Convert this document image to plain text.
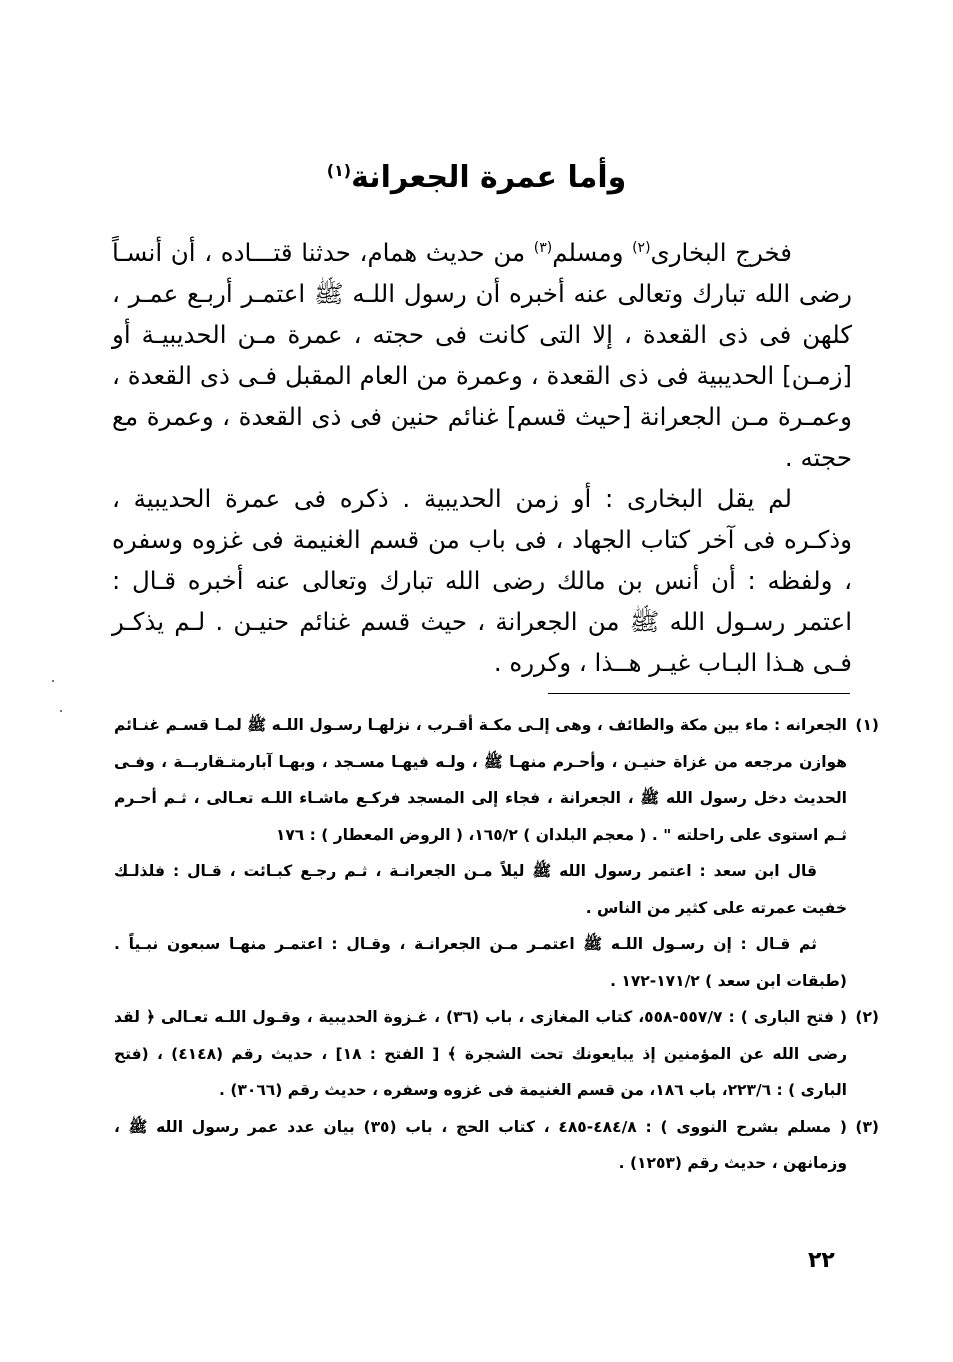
وأما عمرة الجعرانة$^{(١)}$

فخرج البخارى$^{(٢)}$ ومسلم$^{(٣)}$ من حديث همام، حدثنا قتـــاده ، أن أنسـاً رضى الله تبارك وتعالى عنه أخبره أن رسول اللـه ﷺ اعتمـر أربـع عمـر ، كلهن فى ذى القعدة ، إلا التى كانت فى حجته ، عمرة مـن الحديبيـة أو [زمـن] الحديبية فى ذى القعدة ، وعمرة من العام المقبل فـى ذى القعدة ، وعمـرة مـن الجعرانة [حيث قسم] غنائم حنين فى ذى القعدة ، وعمرة مع حجته .

لم يقل البخارى : أو زمن الحديبية . ذكره فى عمرة الحديبية ، وذكـره فى آخر كتاب الجهاد ، فى باب من قسم الغنيمة فى غزوه وسفره ، ولفظه : أن أنس بن مالك رضى الله تبارك وتعالى عنه أخبره قـال : اعتمر رسـول الله ﷺ من الجعرانة ، حيث قسم غنائم حنيـن . لـم يذكـر فـى هـذا البـاب غيـر هــذا ، وكرره .

(١)
الجعرانه : ماء بين مكة والطائف ، وهى إلـى مكـة أقـرب ، نزلهـا رسـول اللـه ﷺ لمـا قسـم غنـائم هوازن مرجعه من غزاة حنيـن ، وأحـرم منهـا ﷺ ، ولـه فيهـا مسـجد ، وبهـا آبارمتـقاربــة ، وفـى الحديث دخل رسول الله ﷺ ، الجعرانة ، فجاء إلى المسجد فركـع ماشـاء اللـه تعـالى ، ثـم أحـرم ثـم استوى على راحلته " . ( معجم البلدان ) ١٦٥/٢، ( الروض المعطار ) : ١٧٦
قال ابن سعد : اعتمر رسول الله ﷺ ليلاً مـن الجعرانـة ، ثـم رجـع كبـائت ، قـال : فلذلـك خفيت عمرته على كثير من الناس .
ثم قـال : إن رسـول اللـه ﷺ اعتمـر مـن الجعرانـة ، وقـال : اعتمـر منهـا سبعون نبـياً . (طبقات ابن سعد ) ١٧١/٢-١٧٢ .
(٢)
( فتح البارى ) : ٥٥٧/٧-٥٥٨، كتاب المغازى ، باب (٣٦) ، غـزوة الحديبية ، وقـول اللـه تعـالى ﴿ لقد رضى الله عن المؤمنين إذ يبايعونك تحت الشجرة ﴾ [ الفتح : ١٨] ، حديث رقم (٤١٤٨) ، (فتح البارى ) : ٢٢٣/٦، باب ١٨٦، من قسم الغنيمة فى غزوه وسفره ، حديث رقم (٣٠٦٦) .
(٣)
( مسلم بشرح النووى ) : ٤٨٤/٨-٤٨٥ ، كتاب الحج ، باب (٣٥) بيان عدد عمر رسول الله ﷺ ، وزمانهن ، حديث رقم (١٢٥٣) .
٢٢
